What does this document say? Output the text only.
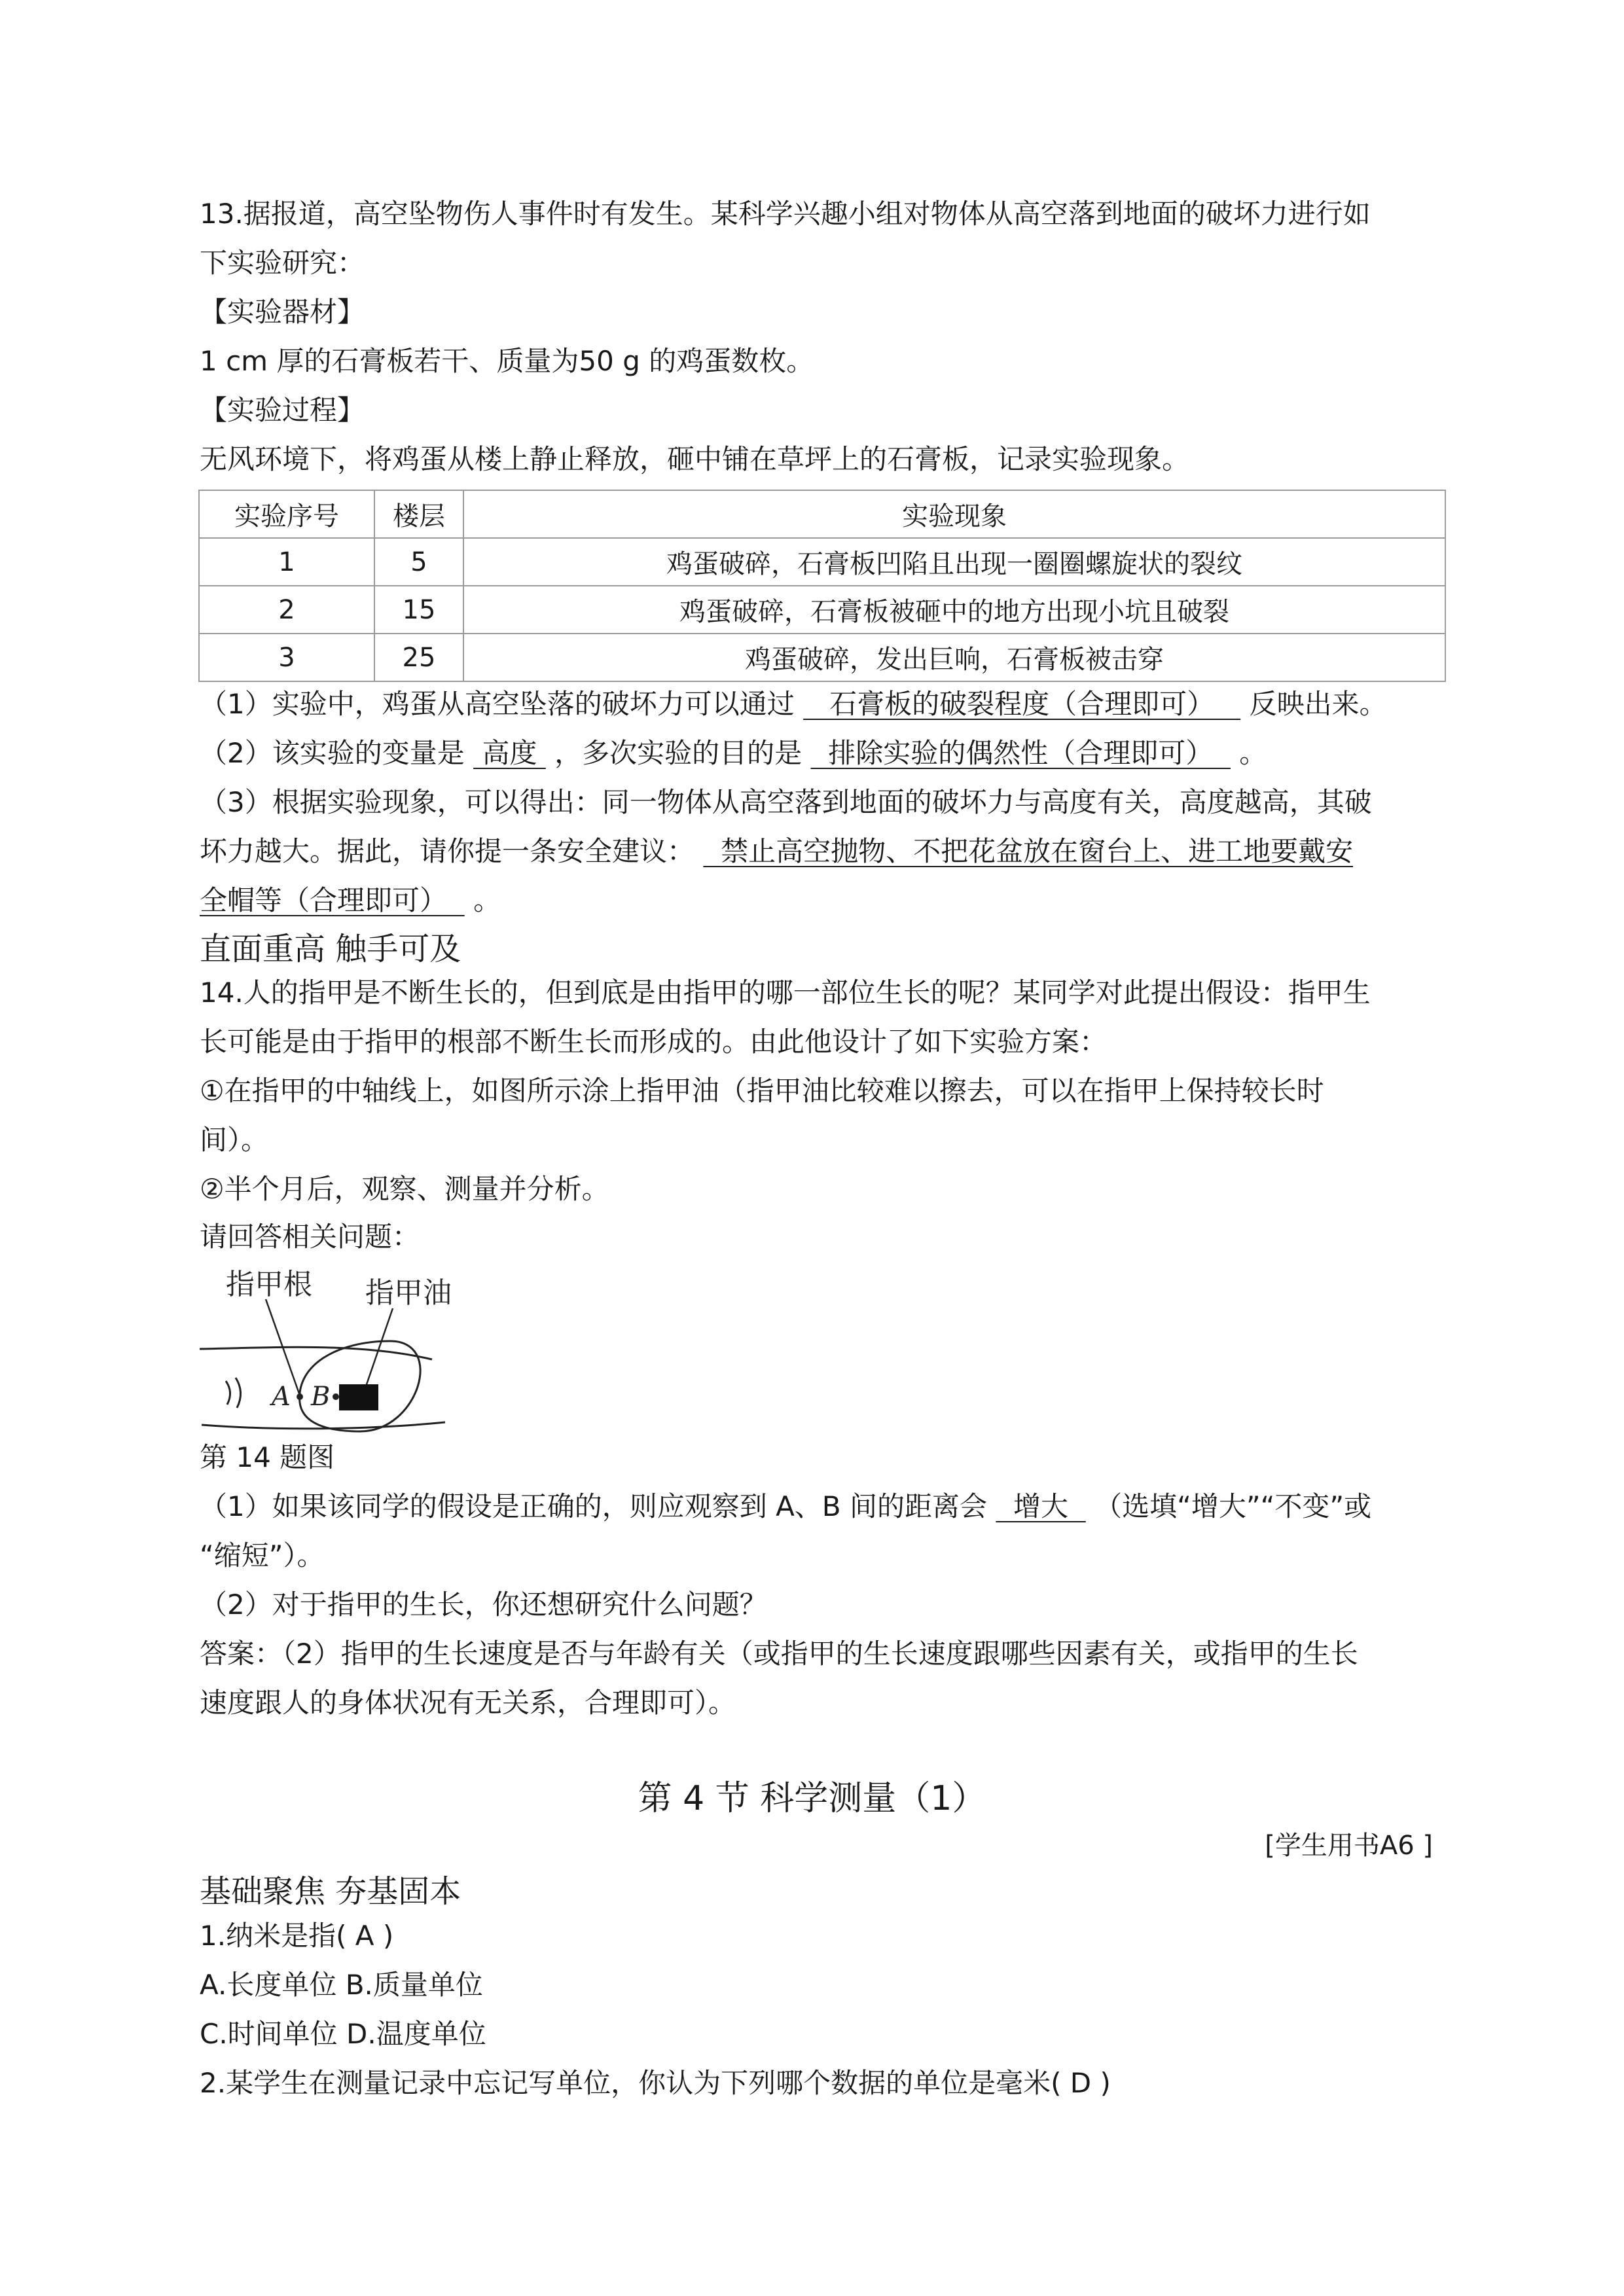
13.据报道，高空坠物伤人事件时有发生。某科学兴趣小组对物体从高空落到地面的破坏力进行如
下实验研究：
【实验器材】
1 cm 厚的石膏板若干、质量为50 g 的鸡蛋数枚。
【实验过程】
无风环境下，将鸡蛋从楼上静止释放，砸中铺在草坪上的石膏板，记录实验现象。
实验序号	楼层	实验现象
1	5	鸡蛋破碎，石膏板凹陷且出现一圈圈螺旋状的裂纹
2	15	鸡蛋破碎，石膏板被砸中的地方出现小坑且破裂
3	25	鸡蛋破碎，发出巨响，石膏板被击穿
（1）实验中，鸡蛋从高空坠落的破坏力可以通过    石膏板的破裂程度（合理即可）    反映出来。
（2）该实验的变量是  高度  ，多次实验的目的是   排除实验的偶然性（合理即可）   。
（3）根据实验现象，可以得出：同一物体从高空落到地面的破坏力与高度有关，高度越高，其破
坏力越大。据此，请你提一条安全建议：   禁止高空抛物、不把花盆放在窗台上、进工地要戴安
全帽等（合理即可）   。
直面重高 触手可及
14.人的指甲是不断生长的，但到底是由指甲的哪一部位生长的呢？某同学对此提出假设：指甲生
长可能是由于指甲的根部不断生长而形成的。由此他设计了如下实验方案：
①在指甲的中轴线上，如图所示涂上指甲油（指甲油比较难以擦去，可以在指甲上保持较长时
间）。
②半个月后，观察、测量并分析。
请回答相关问题：
指甲根 指甲油
A B
第 14 题图
（1）如果该同学的假设是正确的，则应观察到 A、B 间的距离会   增大   （选填“增大”“不变”或
“缩短”）。
（2）对于指甲的生长，你还想研究什么问题？
答案：（2）指甲的生长速度是否与年龄有关（或指甲的生长速度跟哪些因素有关，或指甲的生长
速度跟人的身体状况有无关系，合理即可）。
第 4 节 科学测量（1）
[学生用书A6 ]
基础聚焦 夯基固本
1.纳米是指( A )
A.长度单位 B.质量单位
C.时间单位 D.温度单位
2.某学生在测量记录中忘记写单位，你认为下列哪个数据的单位是毫米( D )
